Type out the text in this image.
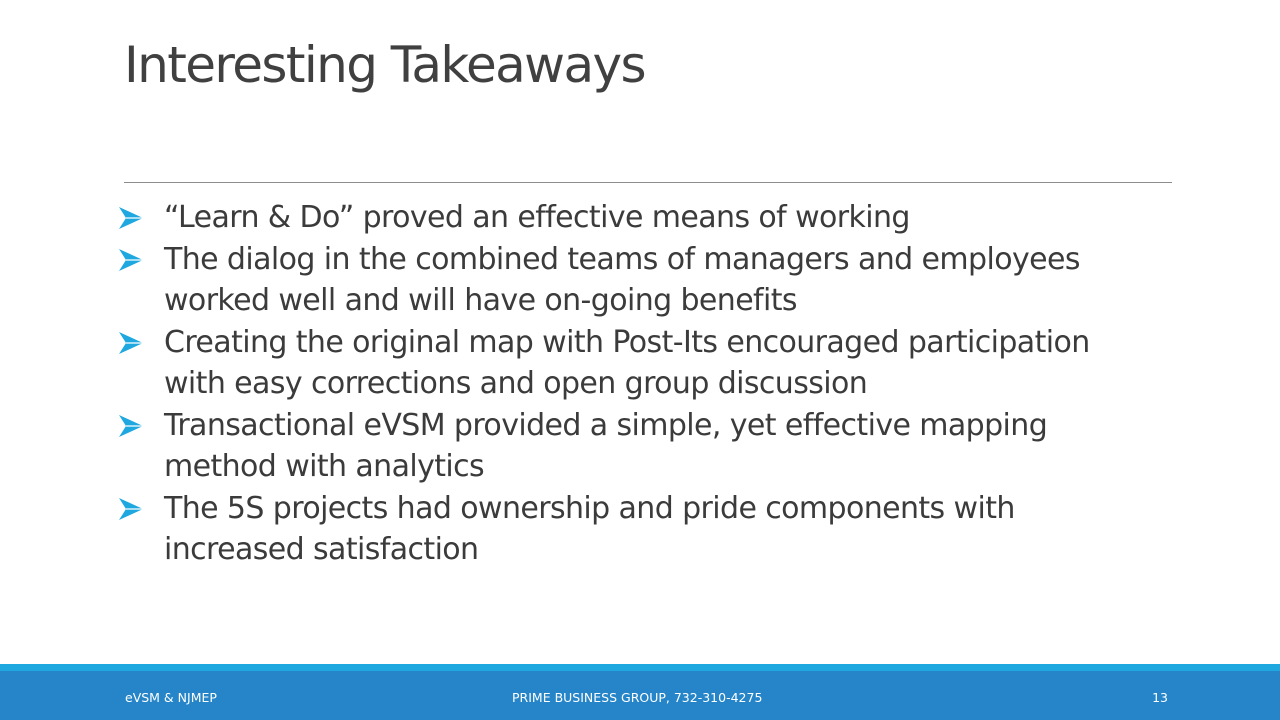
Interesting Takeaways
“Learn & Do” proved an effective means of working
The dialog in the combined teams of managers and employees
worked well and will have on-going benefits
Creating the original map with Post-Its encouraged participation
with easy corrections and open group discussion
Transactional eVSM provided a simple, yet effective mapping
method with analytics
The 5S projects had ownership and pride components with
increased satisfaction
eVSM & NJMEP	PRIME BUSINESS GROUP, 732-310-4275	13
